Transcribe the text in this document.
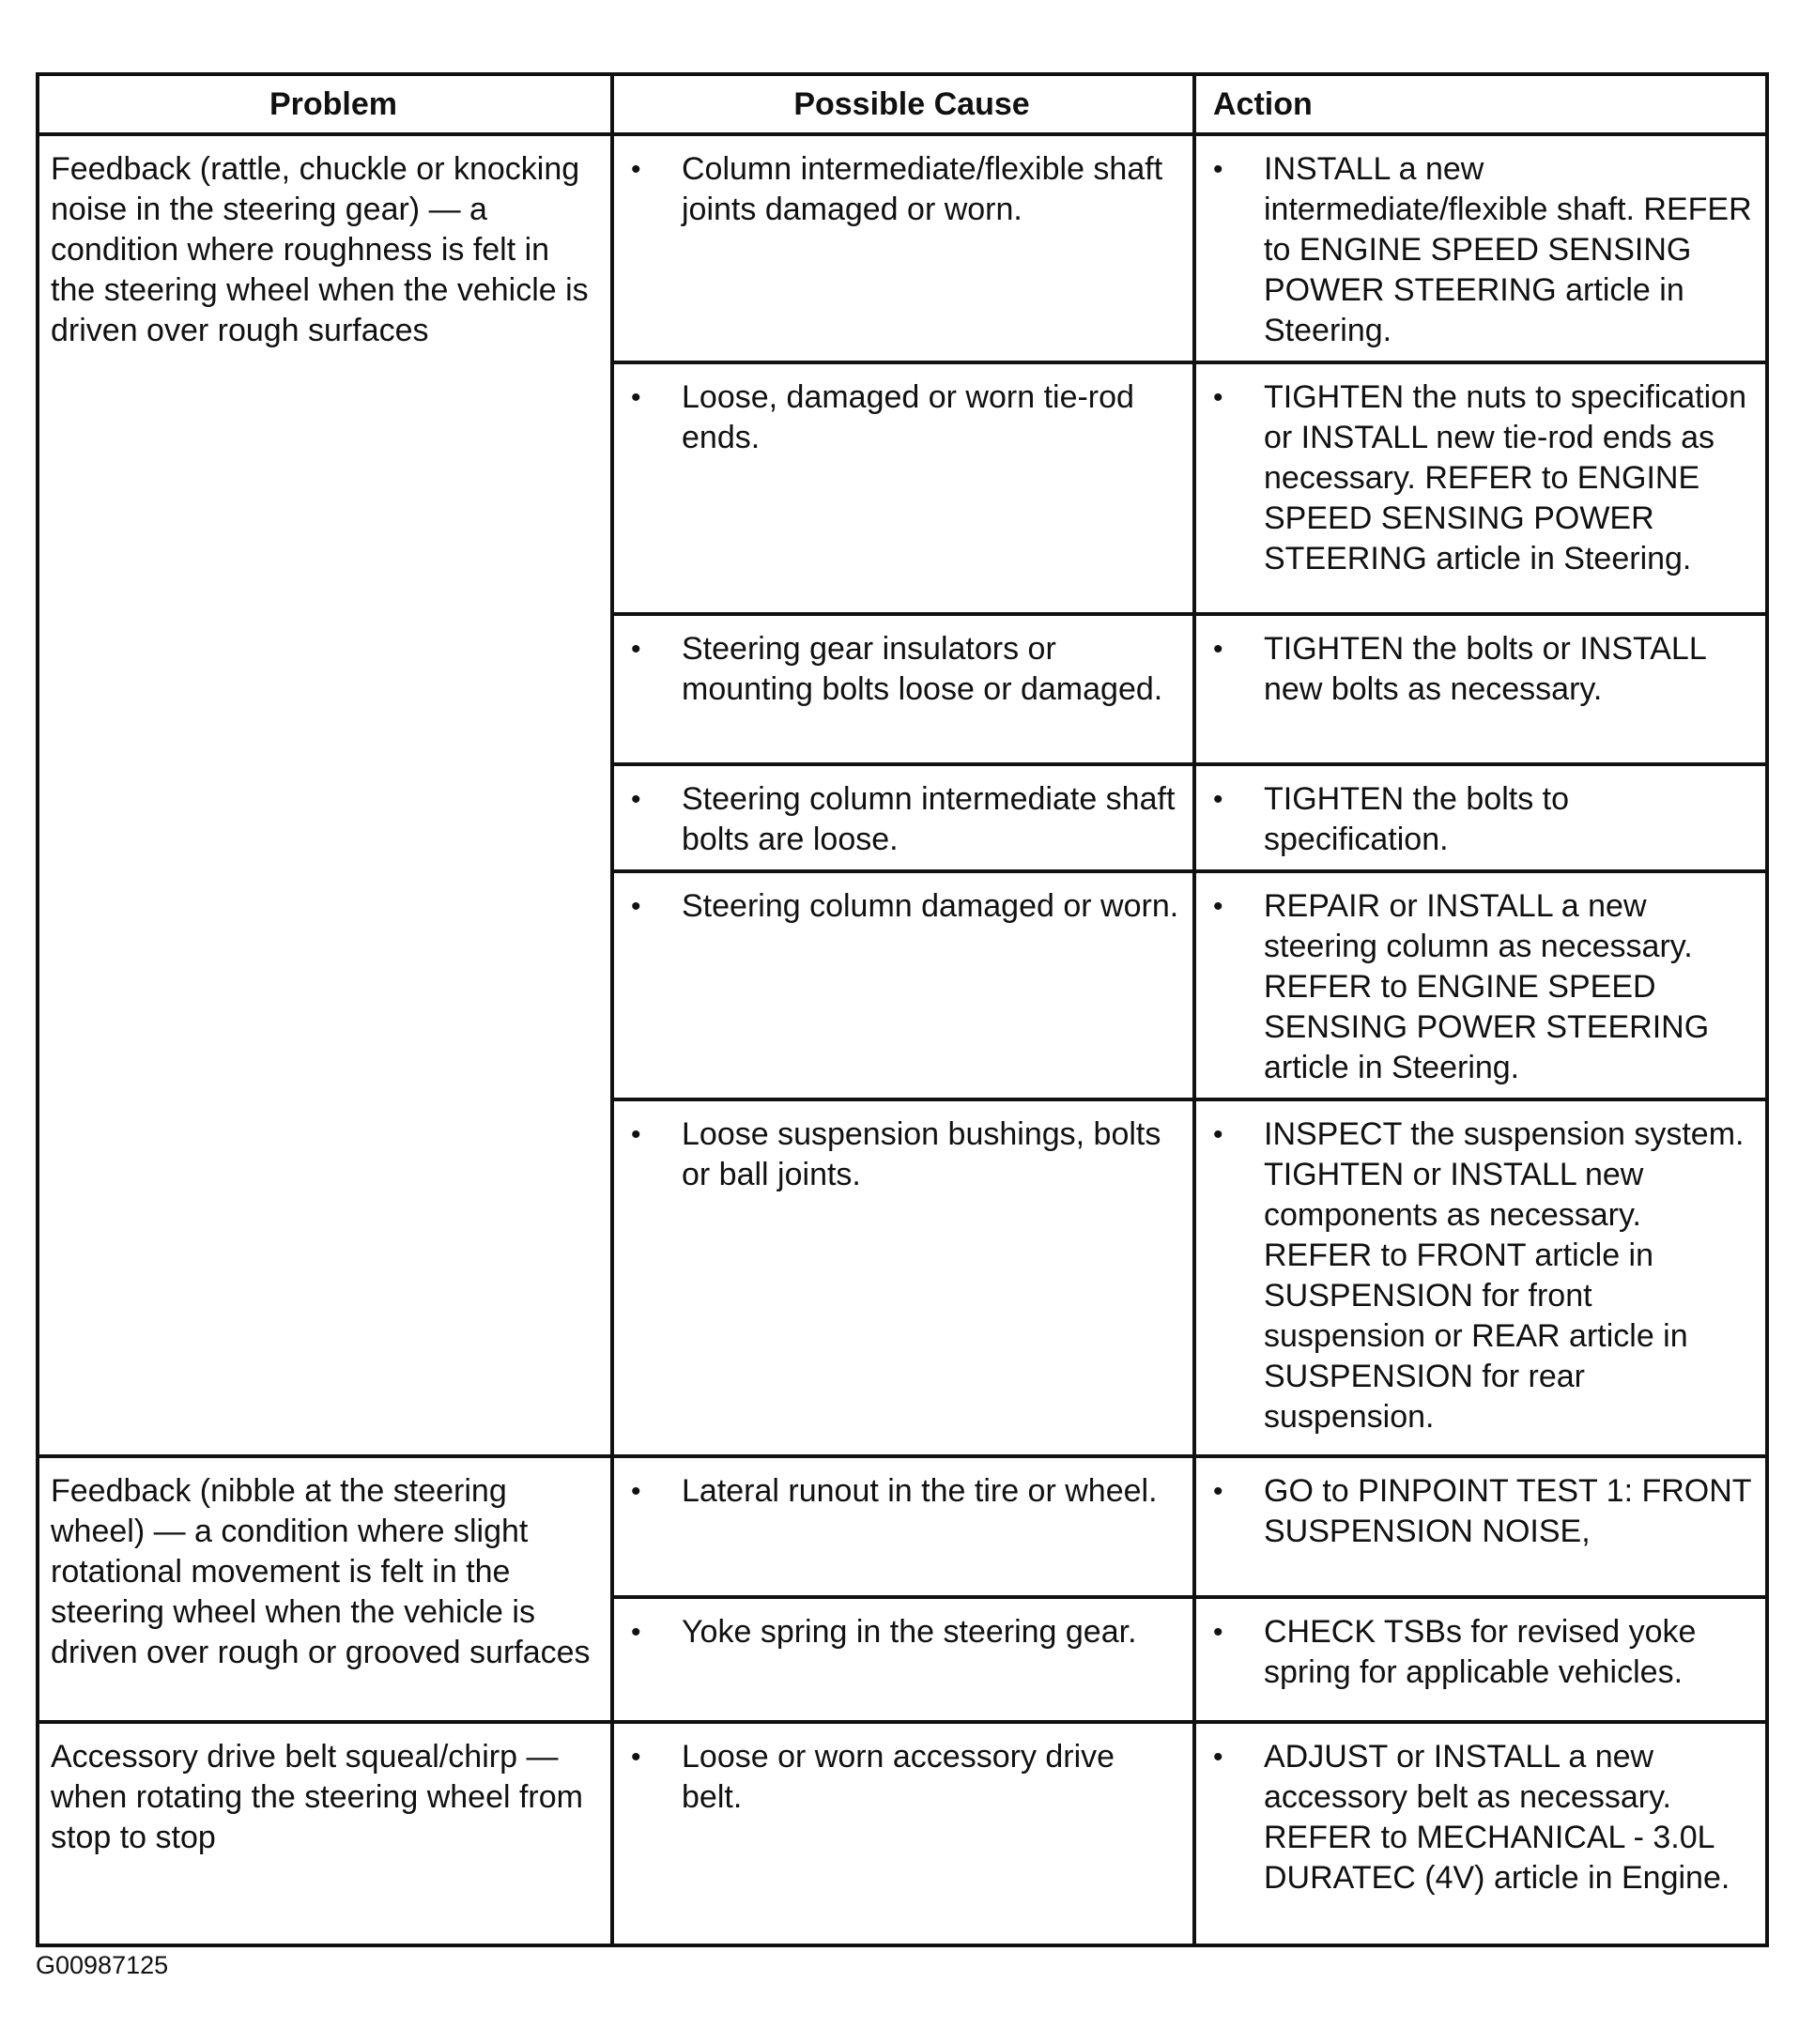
Problem	Possible Cause	Action
Feedback (rattle, chuckle or knocking noise in the steering gear) — a condition where roughness is felt in the steering wheel when the vehicle is driven over rough surfaces	• Column intermediate/flexible shaft joints damaged or worn.	• INSTALL a new intermediate/flexible shaft. REFER to ENGINE SPEED SENSING POWER STEERING article in Steering.

	• Loose, damaged or worn tie-rod ends.	• TIGHTEN the nuts to specification or INSTALL new tie-rod ends as necessary. REFER to ENGINE SPEED SENSING POWER STEERING article in Steering.

	• Steering gear insulators or mounting bolts loose or damaged.	• TIGHTEN the bolts or INSTALL new bolts as necessary.

	• Steering column intermediate shaft bolts are loose.	• TIGHTEN the bolts to specification.

	• Steering column damaged or worn.	• REPAIR or INSTALL a new steering column as necessary. REFER to ENGINE SPEED SENSING POWER STEERING article in Steering.

	• Loose suspension bushings, bolts or ball joints.	• INSPECT the suspension system. TIGHTEN or INSTALL new components as necessary. REFER to FRONT article in SUSPENSION for front suspension or REAR article in SUSPENSION for rear suspension.

Feedback (nibble at the steering wheel) — a condition where slight rotational movement is felt in the steering wheel when the vehicle is driven over rough or grooved surfaces	• Lateral runout in the tire or wheel.	• GO to PINPOINT TEST 1: FRONT SUSPENSION NOISE,

	• Yoke spring in the steering gear.	• CHECK TSBs for revised yoke spring for applicable vehicles.

Accessory drive belt squeal/chirp — when rotating the steering wheel from stop to stop	• Loose or worn accessory drive belt.	• ADJUST or INSTALL a new accessory belt as necessary. REFER to MECHANICAL - 3.0L DURATEC (4V) article in Engine.
G00987125
